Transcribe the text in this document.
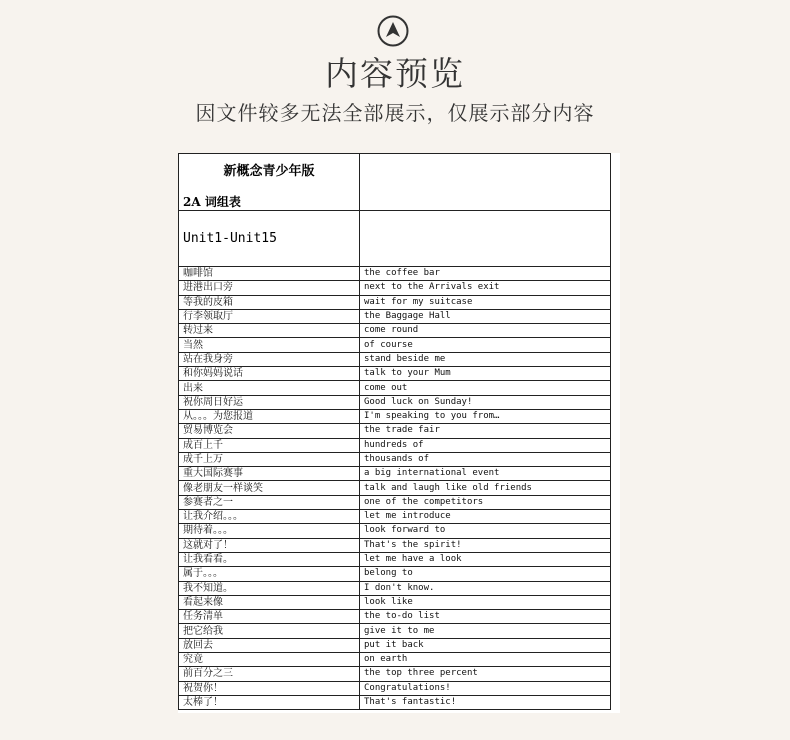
内容预览
因文件较多无法全部展示，仅展示部分内容
新概念青少年版
2A 词组表	

Unit1-Unit15	
咖啡馆	the coffee bar
进港出口旁	next to the Arrivals exit
等我的皮箱	wait for my suitcase
行李领取厅	the Baggage Hall
转过来	come round
当然	of course
站在我身旁	stand beside me
和你妈妈说话	talk to your Mum
出来	come out
祝你周日好运	Good luck on Sunday!
从。。。为您报道	I'm speaking to you from…
贸易博览会	the trade fair
成百上千	hundreds of
成千上万	thousands of
重大国际赛事	a big international event
像老朋友一样谈笑	talk and laugh like old friends
参赛者之一	one of the competitors
让我介绍。。。	let me introduce
期待着。。。	look forward to
这就对了！	That's the spirit!
让我看看。	let me have a look
属于。。。	belong to
我不知道。	I don't know.
看起来像	look like
任务清单	the to-do list
把它给我	give it to me
放回去	put it back
究竟	on earth
前百分之三	the top three percent
祝贺你！	Congratulations!
太棒了！	That's fantastic!
